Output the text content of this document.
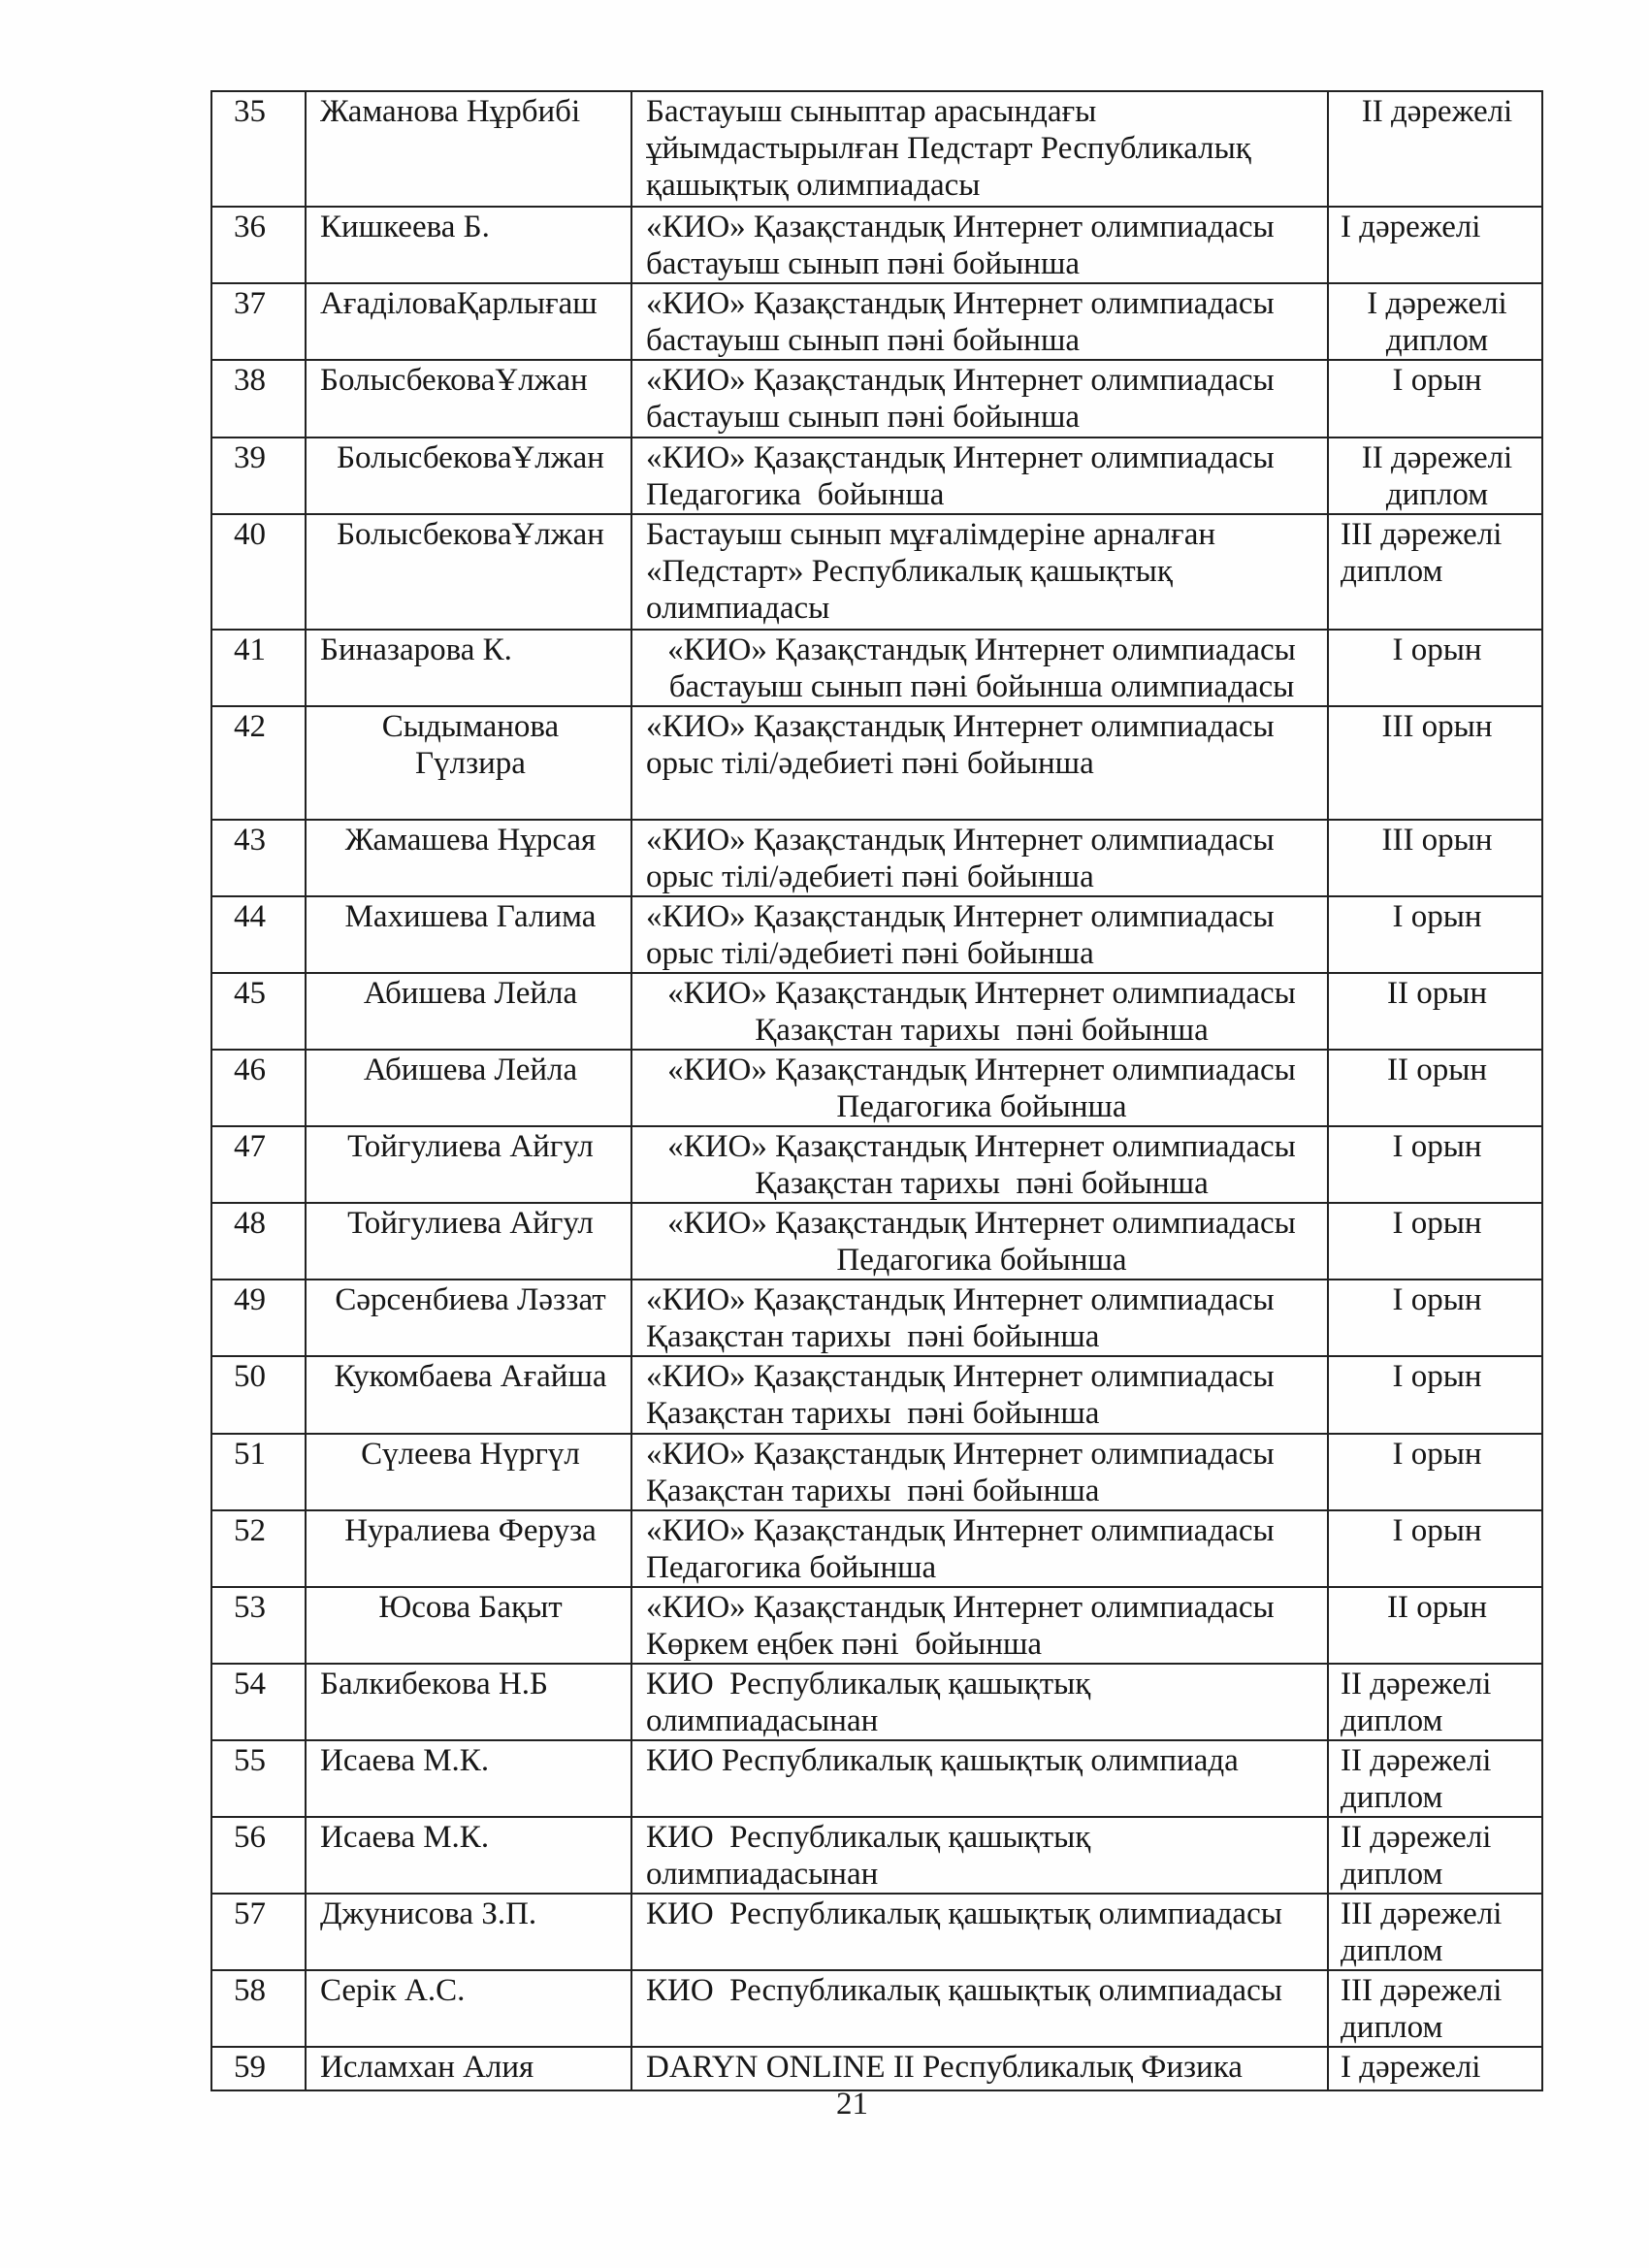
35	Жаманова Нұрбибі	Бастауыш сыныптар арасындағы
ұйымдастырылған Педстарт Республикалық
қашықтық олимпиадасы	II дәрежелі

36	Кишкеева Б.	«КИО» Қазақстандық Интернет олимпиадасы
бастауыш сынып пәні бойынша	I дәрежелі

37	АғаділоваҚарлығаш	«КИО» Қазақстандық Интернет олимпиадасы
бастауыш сынып пәні бойынша	I дәрежелі
диплом

38	БолысбековаҰлжан	«КИО» Қазақстандық Интернет олимпиадасы
бастауыш сынып пәні бойынша	I орын

39	БолысбековаҰлжан	«КИО» Қазақстандық Интернет олимпиадасы
Педагогика  бойынша	II дәрежелі
диплом

40	БолысбековаҰлжан	Бастауыш сынып мұғалімдеріне арналған
«Педстарт» Республикалық қашықтық
олимпиадасы	III дәрежелі
диплом

41	Биназарова К.	«КИО» Қазақстандық Интернет олимпиадасы
бастауыш сынып пәні бойынша олимпиадасы	I орын

42	Сыдыманова
Гүлзира	«КИО» Қазақстандық Интернет олимпиадасы
орыс тілі/әдебиеті пәні бойынша	III орын

43	Жамашева Нұрсая	«КИО» Қазақстандық Интернет олимпиадасы
орыс тілі/әдебиеті пәні бойынша	III орын

44	Махишева Галима	«КИО» Қазақстандық Интернет олимпиадасы
орыс тілі/әдебиеті пәні бойынша	I орын

45	Абишева Лейла	«КИО» Қазақстандық Интернет олимпиадасы
Қазақстан тарихы  пәні бойынша	II орын

46	Абишева Лейла	«КИО» Қазақстандық Интернет олимпиадасы
Педагогика бойынша	II орын

47	Тойгулиева Айгул	«КИО» Қазақстандық Интернет олимпиадасы
Қазақстан тарихы  пәні бойынша	I орын

48	Тойгулиева Айгул	«КИО» Қазақстандық Интернет олимпиадасы
Педагогика бойынша	I орын

49	Сәрсенбиева Ләззат	«КИО» Қазақстандық Интернет олимпиадасы
Қазақстан тарихы  пәні бойынша	I орын

50	Кукомбаева Ағайша	«КИО» Қазақстандық Интернет олимпиадасы
Қазақстан тарихы  пәні бойынша	I орын

51	Сүлеева Нүргүл	«КИО» Қазақстандық Интернет олимпиадасы
Қазақстан тарихы  пәні бойынша	I орын

52	Нуралиева Феруза	«КИО» Қазақстандық Интернет олимпиадасы
Педагогика бойынша	I орын

53	Юсова Бақыт	«КИО» Қазақстандық Интернет олимпиадасы
Көркем еңбек пәні  бойынша	II орын

54	Балкибекова Н.Б	КИО  Республикалық қашықтық
олимпиадасынан	II дәрежелі
диплом

55	Исаева М.К.	КИО Республикалық қашықтық олимпиада	II дәрежелі
диплом

56	Исаева М.К.	КИО  Республикалық қашықтық
олимпиадасынан	II дәрежелі
диплом

57	Джунисова З.П.	КИО  Республикалық қашықтық олимпиадасы	III дәрежелі
диплом

58	Серік А.С.	КИО  Республикалық қашықтық олимпиадасы	III дәрежелі
диплом

59	Исламхан Алия	DARYN ONLINE II Республикалық Физика	I дәрежелі
21
